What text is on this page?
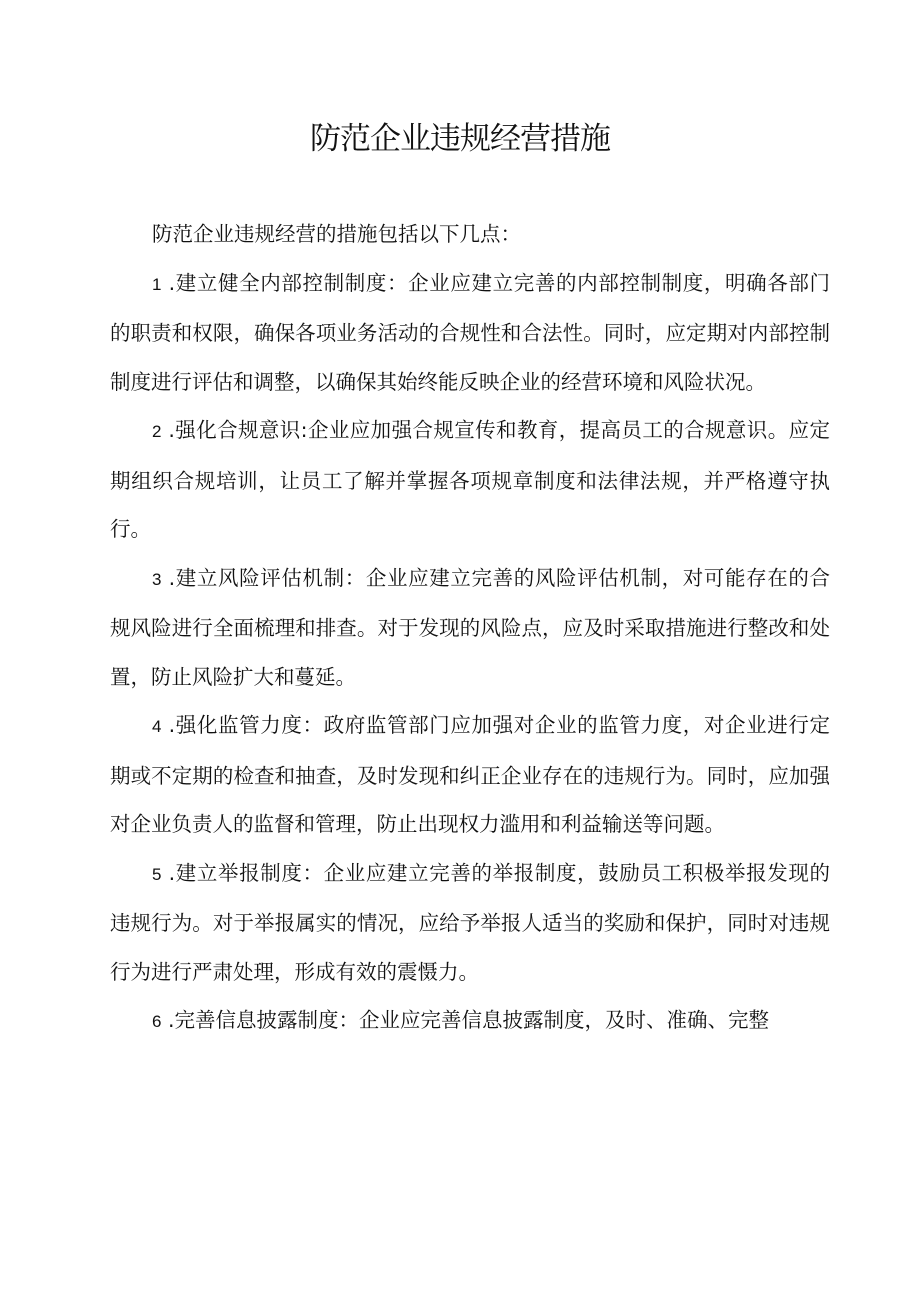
防范企业违规经营措施

防范企业违规经营的措施包括以下几点：

1 .建立健全内部控制制度：企业应建立完善的内部控制制度，明确各部门的职责和权限，确保各项业务活动的合规性和合法性。同时，应定期对内部控制制度进行评估和调整，以确保其始终能反映企业的经营环境和风险状况。

2 .强化合规意识:企业应加强合规宣传和教育，提高员工的合规意识。应定期组织合规培训，让员工了解并掌握各项规章制度和法律法规，并严格遵守执行。

3 .建立风险评估机制：企业应建立完善的风险评估机制，对可能存在的合规风险进行全面梳理和排查。对于发现的风险点，应及时采取措施进行整改和处置，防止风险扩大和蔓延。

4 .强化监管力度：政府监管部门应加强对企业的监管力度，对企业进行定期或不定期的检查和抽查，及时发现和纠正企业存在的违规行为。同时，应加强对企业负责人的监督和管理，防止出现权力滥用和利益输送等问题。

5 .建立举报制度：企业应建立完善的举报制度，鼓励员工积极举报发现的违规行为。对于举报属实的情况，应给予举报人适当的奖励和保护，同时对违规行为进行严肃处理，形成有效的震慑力。

6 .完善信息披露制度：企业应完善信息披露制度，及时、准确、完整
